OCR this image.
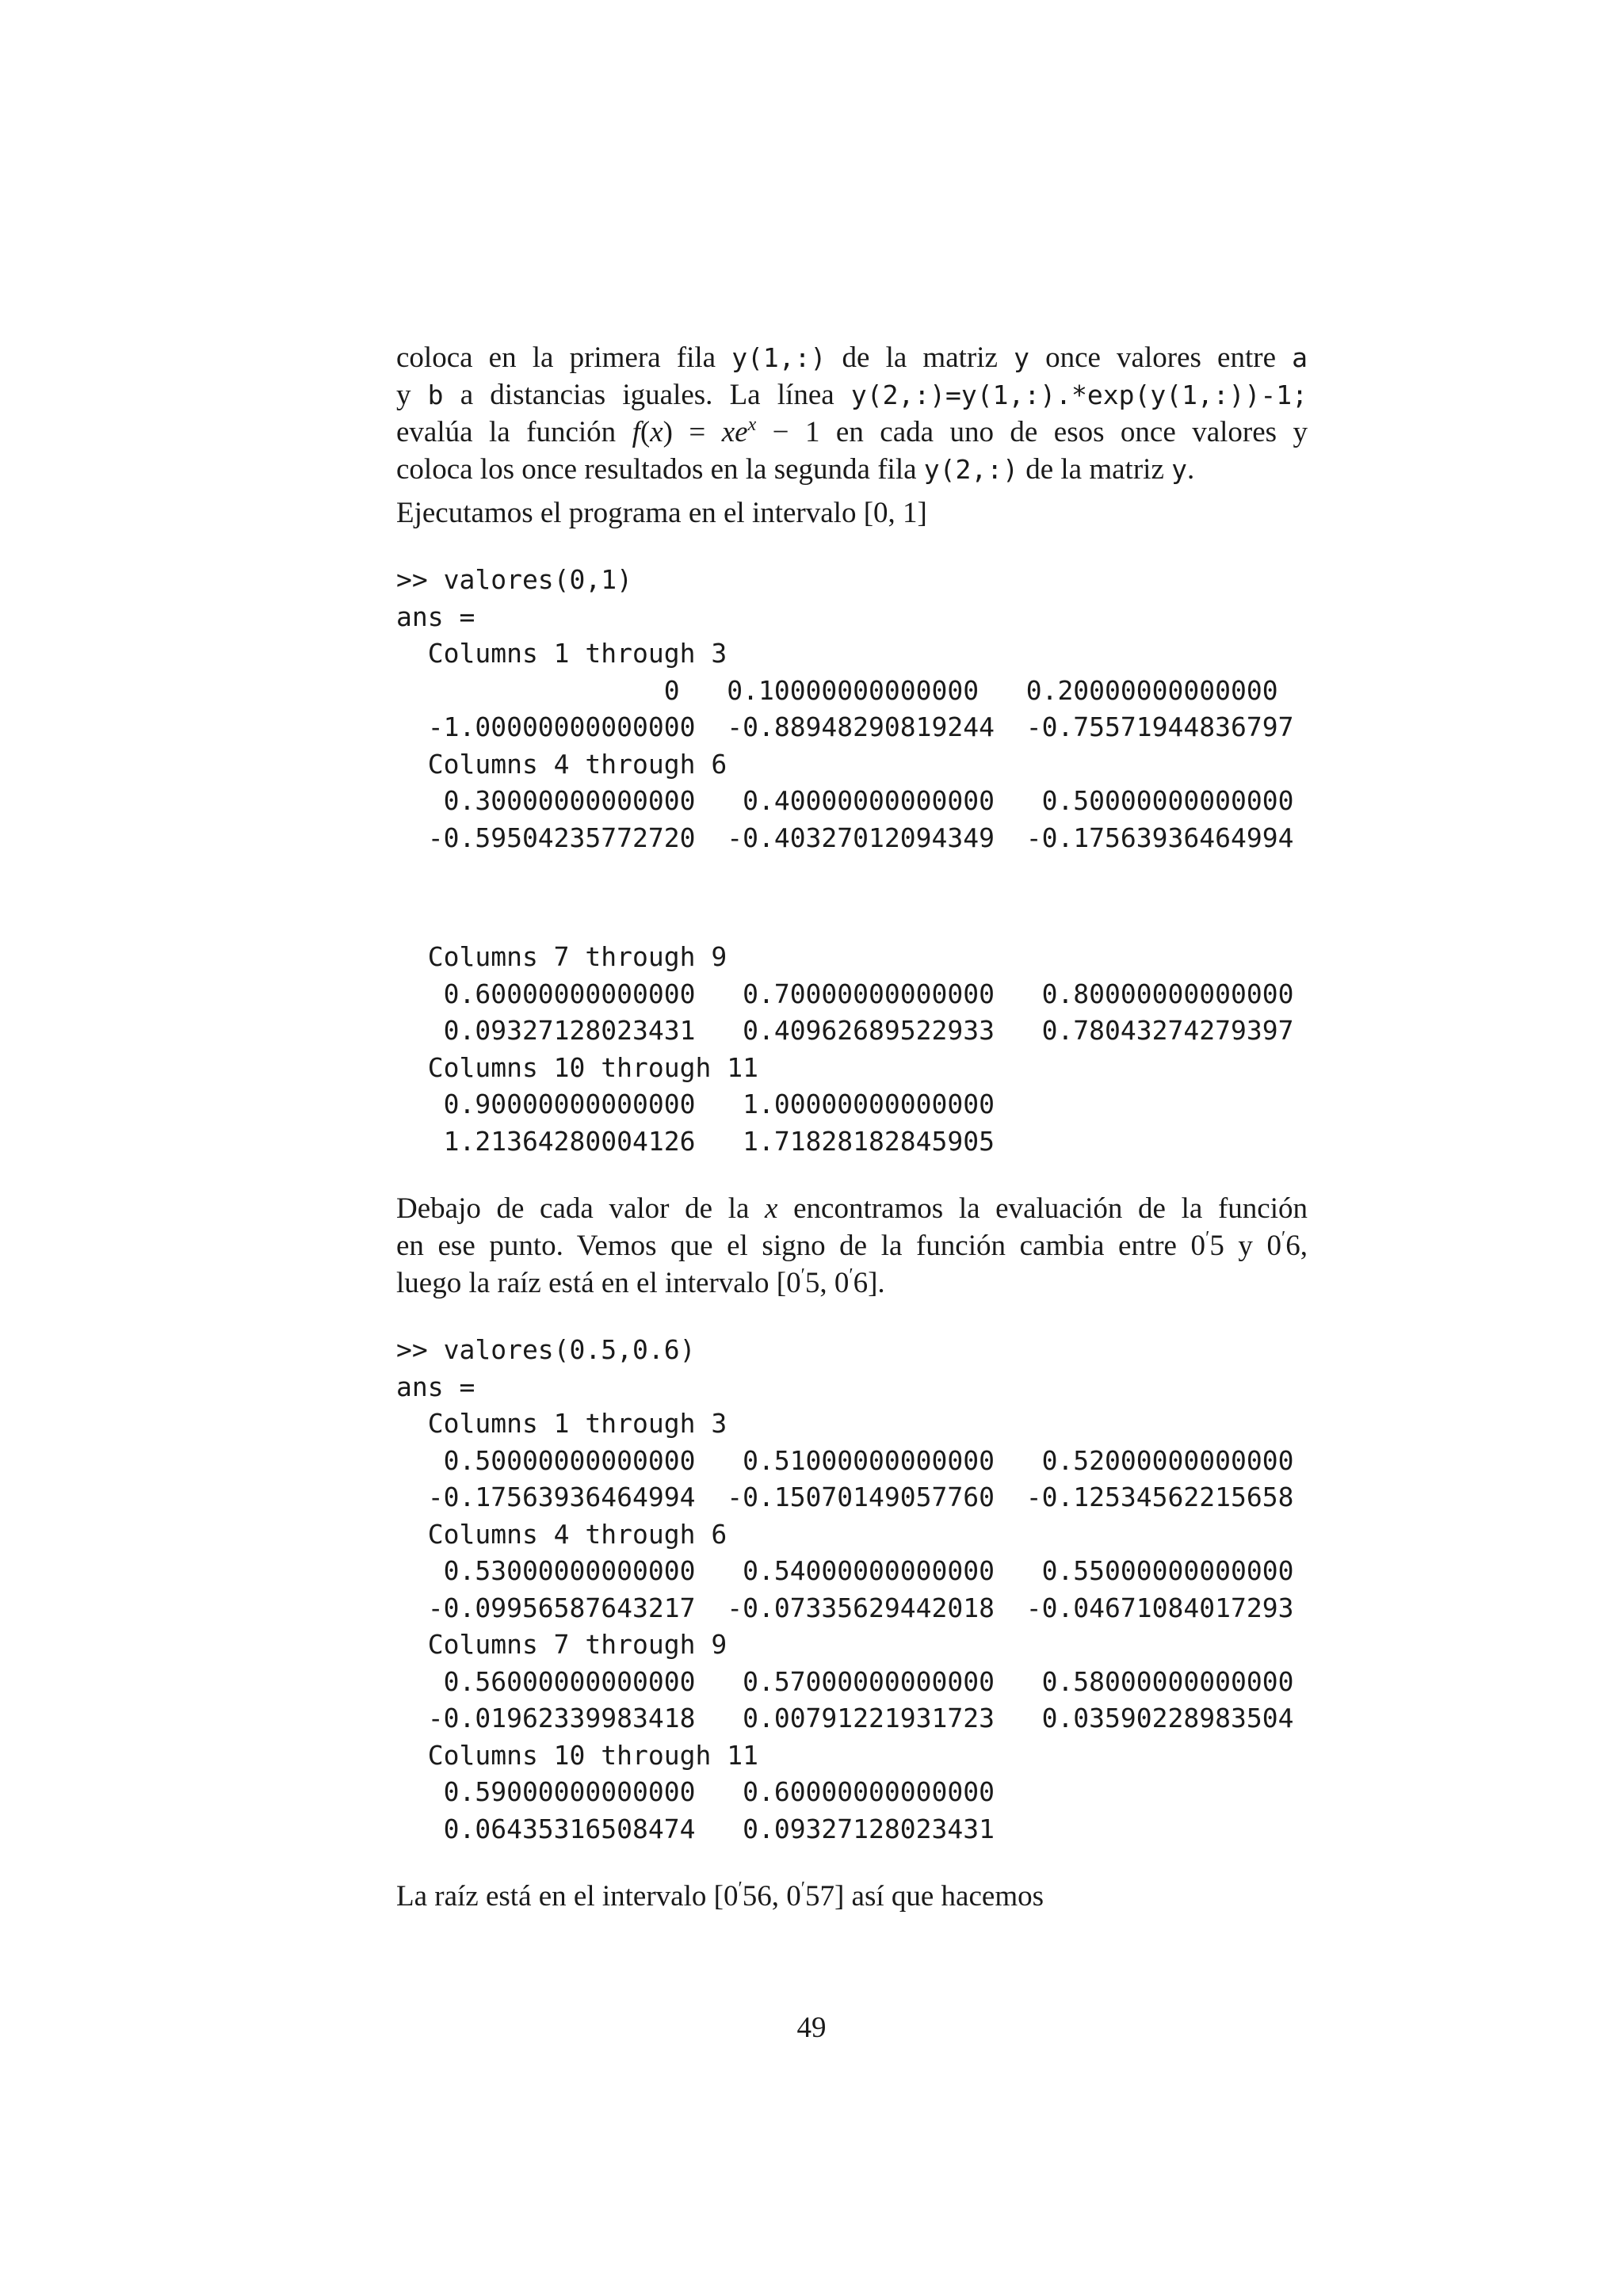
coloca en la primera fila y(1,:) de la matriz y once valores entre a
y b a distancias iguales. La línea y(2,:)=y(1,:).*exp(y(1,:))-1;
evalúa la función $f(x) = xe^x - 1$ en cada uno de esos once valores y
coloca los once resultados en la segunda fila y(2,:) de la matriz y.

Ejecutamos el programa en el intervalo [0, 1]

>> valores(0,1)
ans =
Columns 1 through 3
0   0.10000000000000   0.20000000000000
-1.00000000000000  -0.88948290819244  -0.75571944836797
Columns 4 through 6
0.30000000000000   0.40000000000000   0.50000000000000
-0.59504235772720  -0.40327012094349  -0.17563936464994
Columns 7 through 9
0.60000000000000   0.70000000000000   0.80000000000000
0.09327128023431   0.40962689522933   0.78043274279397
Columns 10 through 11
0.90000000000000   1.00000000000000
1.21364280004126   1.71828182845905
Debajo de cada valor de la x encontramos la evaluación de la función
en ese punto. Vemos que el signo de la función cambia entre 0′5 y 0′6,
luego la raíz está en el intervalo [0′5, 0′6].
>> valores(0.5,0.6)
ans =
Columns 1 through 3
0.50000000000000   0.51000000000000   0.52000000000000
-0.17563936464994  -0.15070149057760  -0.12534562215658
Columns 4 through 6
0.53000000000000   0.54000000000000   0.55000000000000
-0.09956587643217  -0.07335629442018  -0.04671084017293
Columns 7 through 9
0.56000000000000   0.57000000000000   0.58000000000000
-0.01962339983418   0.00791221931723   0.03590228983504
Columns 10 through 11
0.59000000000000   0.60000000000000
0.06435316508474   0.09327128023431

La raíz está en el intervalo [0′56, 0′57] así que hacemos

49
